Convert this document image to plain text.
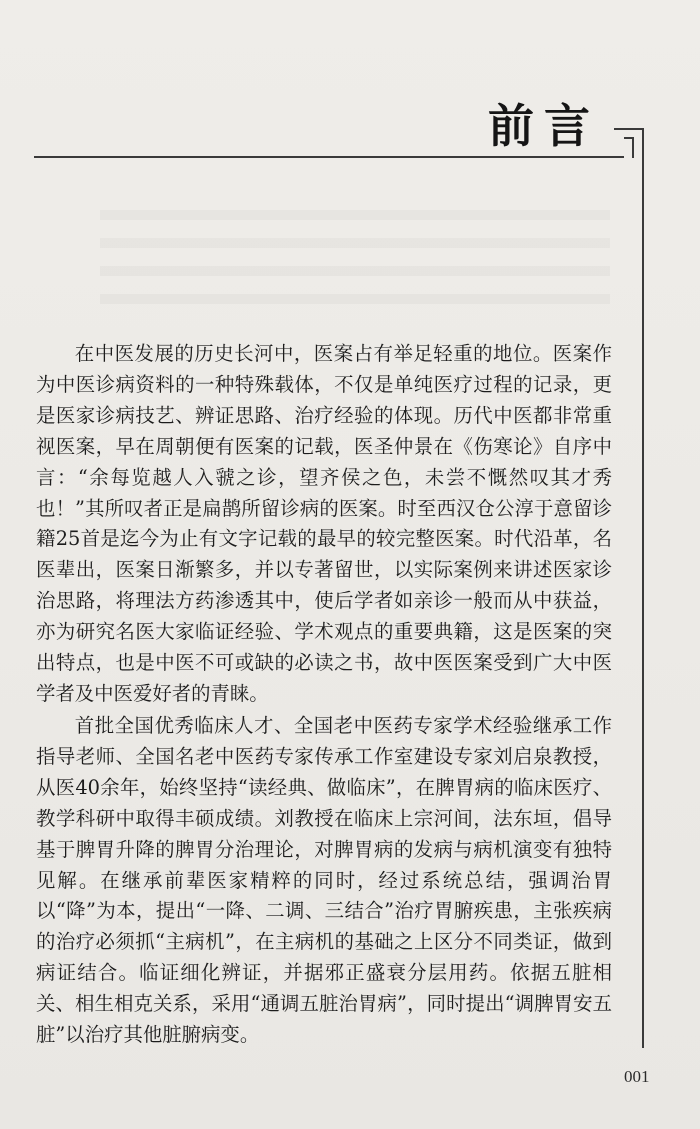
前言

在中医发展的历史长河中，医案占有举足轻重的地位。医案作为中医诊病资料的一种特殊载体，不仅是单纯医疗过程的记录，更是医家诊病技艺、辨证思路、治疗经验的体现。历代中医都非常重视医案，早在周朝便有医案的记载，医圣仲景在《伤寒论》自序中言：“余每览越人入虢之诊，望齐侯之色，未尝不慨然叹其才秀也！”其所叹者正是扁鹊所留诊病的医案。时至西汉仓公淳于意留诊籍25首是迄今为止有文字记载的最早的较完整医案。时代沿革，名医辈出，医案日渐繁多，并以专著留世，以实际案例来讲述医家诊治思路，将理法方药渗透其中，使后学者如亲诊一般而从中获益，亦为研究名医大家临证经验、学术观点的重要典籍，这是医案的突出特点，也是中医不可或缺的必读之书，故中医医案受到广大中医学者及中医爱好者的青睐。

首批全国优秀临床人才、全国老中医药专家学术经验继承工作指导老师、全国名老中医药专家传承工作室建设专家刘启泉教授，从医40余年，始终坚持“读经典、做临床”，在脾胃病的临床医疗、教学科研中取得丰硕成绩。刘教授在临床上宗河间，法东垣，倡导基于脾胃升降的脾胃分治理论，对脾胃病的发病与病机演变有独特见解。在继承前辈医家精粹的同时，经过系统总结，强调治胃以“降”为本，提出“一降、二调、三结合”治疗胃腑疾患，主张疾病的治疗必须抓“主病机”，在主病机的基础之上区分不同类证，做到病证结合。临证细化辨证，并据邪正盛衰分层用药。依据五脏相关、相生相克关系，采用“通调五脏治胃病”，同时提出“调脾胃安五脏”以治疗其他脏腑病变。

001
